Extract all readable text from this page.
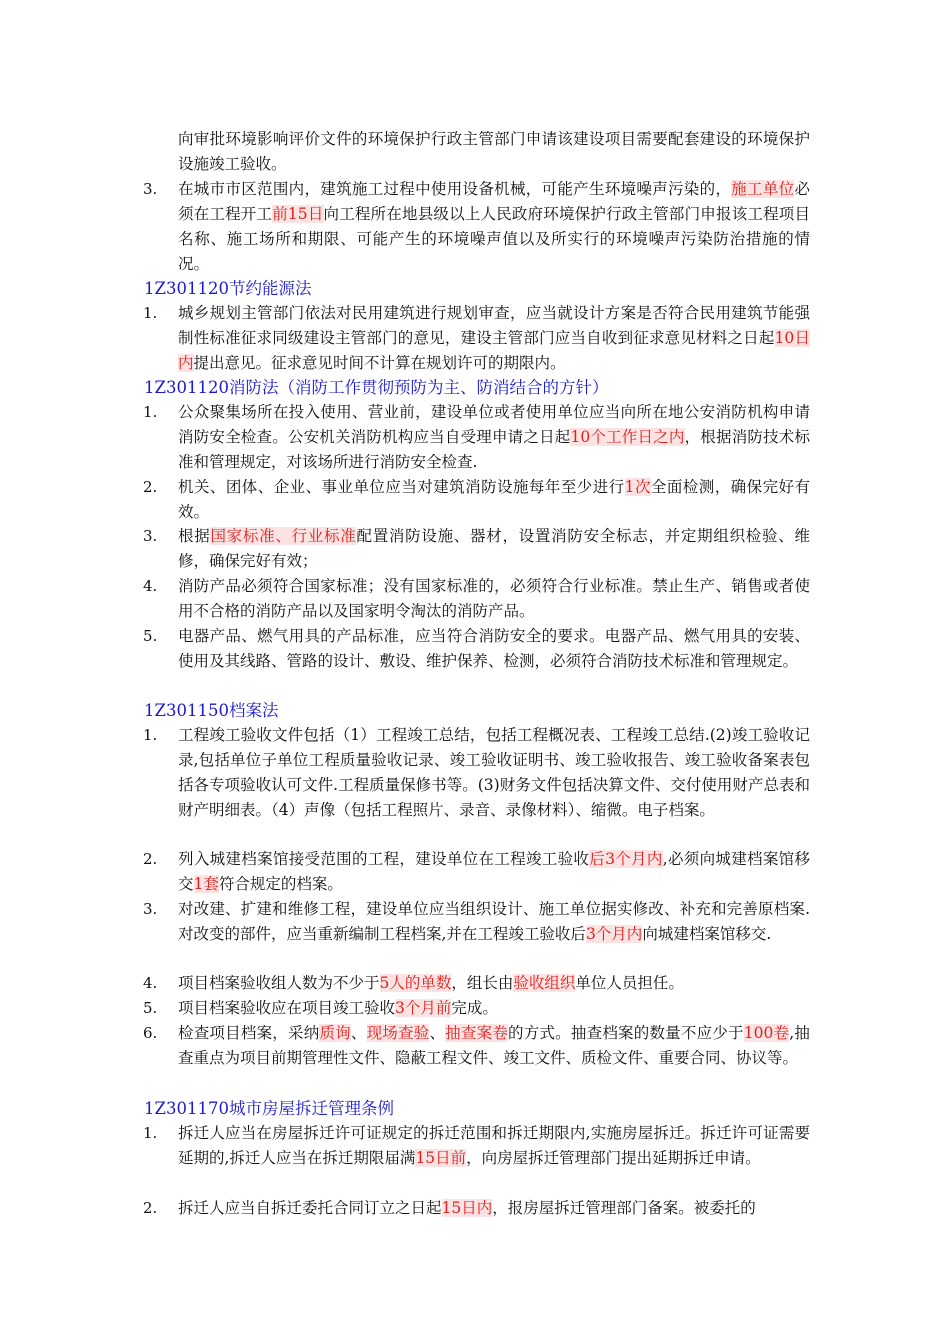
向审批环境影响评价文件的环境保护行政主管部门申请该建设项目需要配套建设的环境保护设施竣工验收。
3.	在城市市区范围内，建筑施工过程中使用设备机械，可能产生环境噪声污染的，施工单位必须在工程开工前15日向工程所在地县级以上人民政府环境保护行政主管部门申报该工程项目名称、施工场所和期限、可能产生的环境噪声值以及所实行的环境噪声污染防治措施的情况。
1Z301120节约能源法
1.	城乡规划主管部门依法对民用建筑进行规划审查，应当就设计方案是否符合民用建筑节能强制性标准征求同级建设主管部门的意见，建设主管部门应当自收到征求意见材料之日起10日内提出意见。征求意见时间不计算在规划许可的期限内。
1Z301120消防法（消防工作贯彻预防为主、防消结合的方针）
1.	公众聚集场所在投入使用、营业前，建设单位或者使用单位应当向所在地公安消防机构申请消防安全检查。公安机关消防机构应当自受理申请之日起10个工作日之内，根据消防技术标准和管理规定，对该场所进行消防安全检查.
2.	机关、团体、企业、事业单位应当对建筑消防设施每年至少进行1次全面检测，确保完好有效。
3.	根据国家标准、行业标准配置消防设施、器材，设置消防安全标志，并定期组织检验、维修，确保完好有效；
4.	消防产品必须符合国家标准；没有国家标准的，必须符合行业标准。禁止生产、销售或者使用不合格的消防产品以及国家明令淘汰的消防产品。
5.	电器产品、燃气用具的产品标准，应当符合消防安全的要求。电器产品、燃气用具的安装、使用及其线路、管路的设计、敷设、维护保养、检测，必须符合消防技术标准和管理规定。
1Z301150档案法
1.	工程竣工验收文件包括（1）工程竣工总结，包括工程概况表、工程竣工总结.(2)竣工验收记录,包括单位子单位工程质量验收记录、竣工验收证明书、竣工验收报告、竣工验收备案表包括各专项验收认可文件.工程质量保修书等。(3)财务文件包括决算文件、交付使用财产总表和财产明细表。（4）声像（包括工程照片、录音、录像材料）、缩微。电子档案。
2.	列入城建档案馆接受范围的工程，建设单位在工程竣工验收后3个月内,必须向城建档案馆移交1套符合规定的档案。
3.	对改建、扩建和维修工程，建设单位应当组织设计、施工单位据实修改、补充和完善原档案.对改变的部件，应当重新编制工程档案,并在工程竣工验收后3个月内向城建档案馆移交.
4.	项目档案验收组人数为不少于5人的单数，组长由验收组织单位人员担任。
5.	项目档案验收应在项目竣工验收3个月前完成。
6.	检查项目档案，采纳质询、现场查验、抽查案卷的方式。抽查档案的数量不应少于100卷,抽查重点为项目前期管理性文件、隐蔽工程文件、竣工文件、质检文件、重要合同、协议等。
1Z301170城市房屋拆迁管理条例
1.	拆迁人应当在房屋拆迁许可证规定的拆迁范围和拆迁期限内,实施房屋拆迁。拆迁许可证需要延期的,拆迁人应当在拆迁期限届满15日前，向房屋拆迁管理部门提出延期拆迁申请。
2.	拆迁人应当自拆迁委托合同订立之日起15日内，报房屋拆迁管理部门备案。被委托的
